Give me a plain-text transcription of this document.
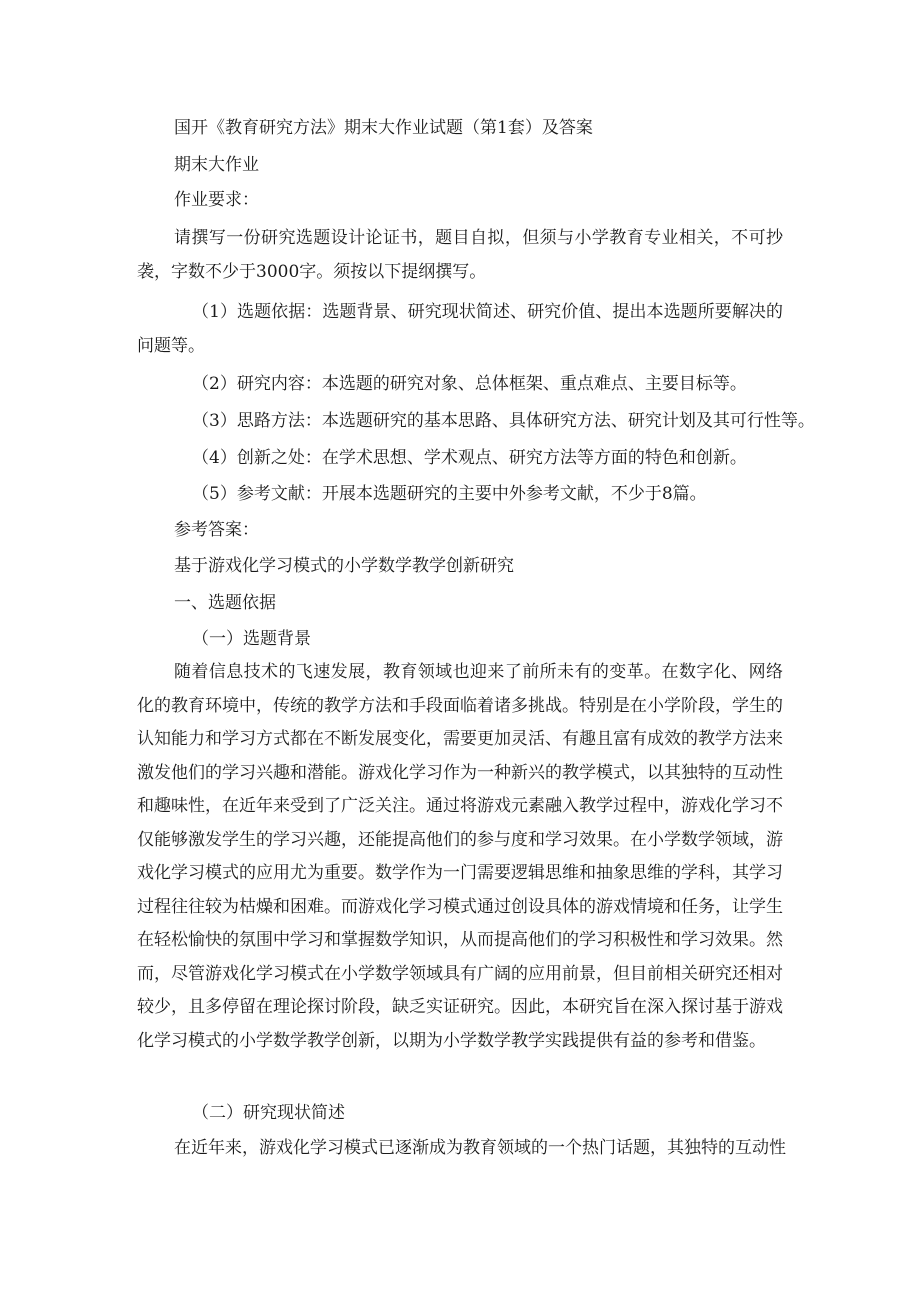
国开《教育研究方法》期末大作业试题（第1套）及答案

期末大作业

作业要求：

请撰写一份研究选题设计论证书，题目自拟，但须与小学教育专业相关，不可抄袭，字数不少于3000字。须按以下提纲撰写。

（1）选题依据：选题背景、研究现状简述、研究价值、提出本选题所要解决的问题等。

（2）研究内容：本选题的研究对象、总体框架、重点难点、主要目标等。

（3）思路方法：本选题研究的基本思路、具体研究方法、研究计划及其可行性等。

（4）创新之处：在学术思想、学术观点、研究方法等方面的特色和创新。

（5）参考文献：开展本选题研究的主要中外参考文献，不少于8篇。

参考答案：

基于游戏化学习模式的小学数学教学创新研究

一、选题依据

（一）选题背景

随着信息技术的飞速发展，教育领域也迎来了前所未有的变革。在数字化、网络化的教育环境中，传统的教学方法和手段面临着诸多挑战。特别是在小学阶段，学生的认知能力和学习方式都在不断发展变化，需要更加灵活、有趣且富有成效的教学方法来激发他们的学习兴趣和潜能。游戏化学习作为一种新兴的教学模式，以其独特的互动性和趣味性，在近年来受到了广泛关注。通过将游戏元素融入教学过程中，游戏化学习不仅能够激发学生的学习兴趣，还能提高他们的参与度和学习效果。在小学数学领域，游戏化学习模式的应用尤为重要。数学作为一门需要逻辑思维和抽象思维的学科，其学习过程往往较为枯燥和困难。而游戏化学习模式通过创设具体的游戏情境和任务，让学生在轻松愉快的氛围中学习和掌握数学知识，从而提高他们的学习积极性和学习效果。然而，尽管游戏化学习模式在小学数学领域具有广阔的应用前景，但目前相关研究还相对较少，且多停留在理论探讨阶段，缺乏实证研究。因此，本研究旨在深入探讨基于游戏化学习模式的小学数学教学创新，以期为小学数学教学实践提供有益的参考和借鉴。

（二）研究现状简述

在近年来，游戏化学习模式已逐渐成为教育领域的一个热门话题，其独特的互动性
